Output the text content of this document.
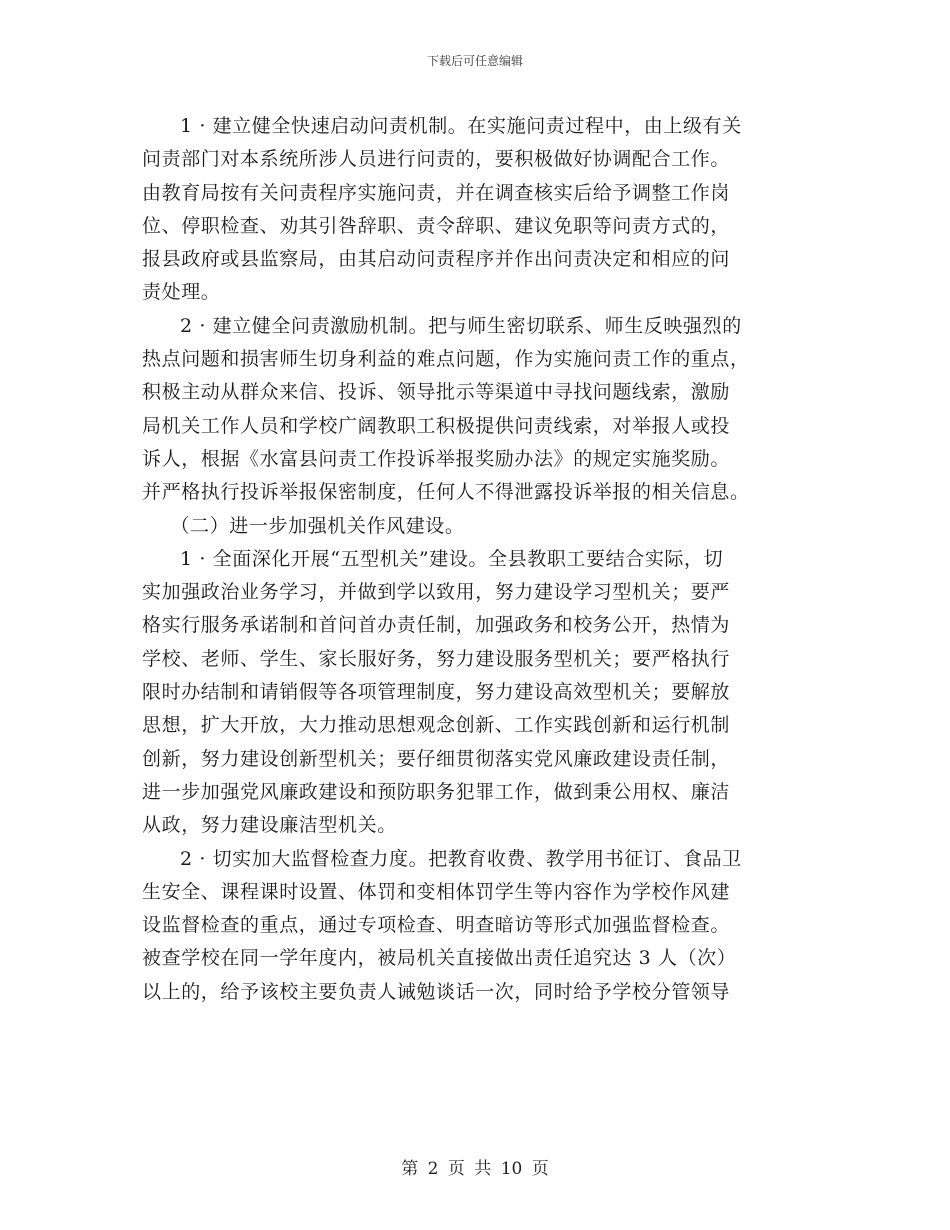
下载后可任意编辑

1 · 建立健全快速启动问责机制。在实施问责过程中，由上级有关
问责部门对本系统所涉人员进行问责的，要积极做好协调配合工作。
由教育局按有关问责程序实施问责，并在调查核实后给予调整工作岗
位、停职检查、劝其引咎辞职、责令辞职、建议免职等问责方式的，
报县政府或县监察局，由其启动问责程序并作出问责决定和相应的问
责处理。

2 · 建立健全问责激励机制。把与师生密切联系、师生反映强烈的
热点问题和损害师生切身利益的难点问题，作为实施问责工作的重点，
积极主动从群众来信、投诉、领导批示等渠道中寻找问题线索，激励
局机关工作人员和学校广阔教职工积极提供问责线索，对举报人或投
诉人，根据《水富县问责工作投诉举报奖励办法》的规定实施奖励。
并严格执行投诉举报保密制度，任何人不得泄露投诉举报的相关信息。

（二）进一步加强机关作风建设。

1 · 全面深化开展“五型机关”建设。全县教职工要结合实际，切
实加强政治业务学习，并做到学以致用，努力建设学习型机关；要严
格实行服务承诺制和首问首办责任制，加强政务和校务公开，热情为
学校、老师、学生、家长服好务，努力建设服务型机关；要严格执行
限时办结制和请销假等各项管理制度，努力建设高效型机关；要解放
思想，扩大开放，大力推动思想观念创新、工作实践创新和运行机制
创新，努力建设创新型机关；要仔细贯彻落实党风廉政建设责任制，
进一步加强党风廉政建设和预防职务犯罪工作，做到秉公用权、廉洁
从政，努力建设廉洁型机关。

2 · 切实加大监督检查力度。把教育收费、教学用书征订、食品卫
生安全、课程课时设置、体罚和变相体罚学生等内容作为学校作风建
设监督检查的重点，通过专项检查、明查暗访等形式加强监督检查。
被查学校在同一学年度内，被局机关直接做出责任追究达 3 人（次）
以上的，给予该校主要负责人诫勉谈话一次，同时给予学校分管领导

第 2 页 共 10 页
